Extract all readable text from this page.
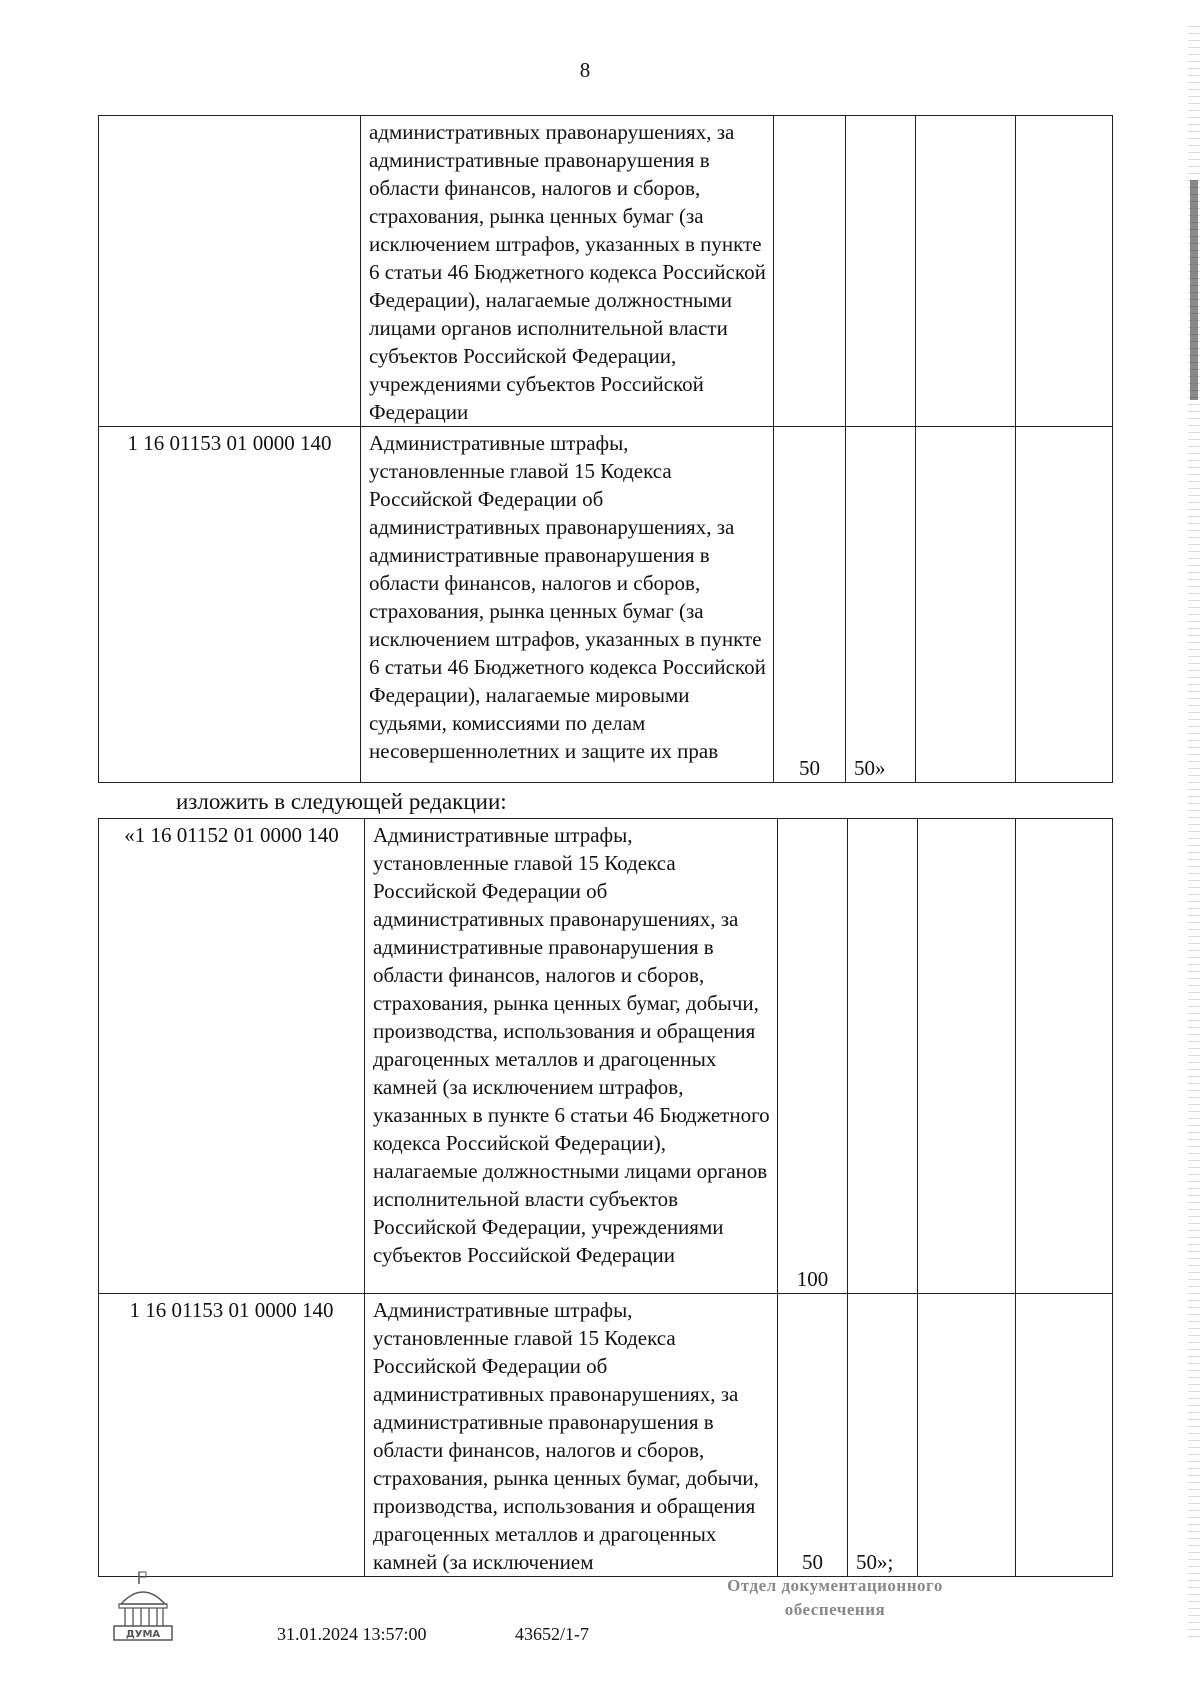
8
	административных правонарушениях, за административные правонарушения в области финансов, налогов и сборов, страхования, рынка ценных бумаг (за исключением штрафов, указанных в пункте 6 статьи 46 Бюджетного кодекса Российской Федерации), налагаемые должностными лицами органов исполнительной власти субъектов Российской Федерации, учреждениями субъектов Российской Федерации				
1 16 01153 01 0000 140	Административные штрафы, установленные главой 15 Кодекса Российской Федерации об административных правонарушениях, за административные правонарушения в области финансов, налогов и сборов, страхования, рынка ценных бумаг (за исключением штрафов, указанных в пункте 6 статьи 46 Бюджетного кодекса Российской Федерации), налагаемые мировыми судьями, комиссиями по делам несовершеннолетних и защите их прав	50	50»		
изложить в следующей редакции:
«1 16 01152 01 0000 140	Административные штрафы, установленные главой 15 Кодекса Российской Федерации об административных правонарушениях, за административные правонарушения в области финансов, налогов и сборов, страхования, рынка ценных бумаг, добычи, производства, использования и обращения драгоценных металлов и драгоценных камней (за исключением штрафов, указанных в пункте 6 статьи 46 Бюджетного кодекса Российской Федерации), налагаемые должностными лицами органов исполнительной власти субъектов Российской Федерации, учреждениями субъектов Российской Федерации	100			
1 16 01153 01 0000 140	Административные штрафы, установленные главой 15 Кодекса Российской Федерации об административных правонарушениях, за административные правонарушения в области финансов, налогов и сборов, страхования, рынка ценных бумаг, добычи, производства, использования и обращения драгоценных металлов и драгоценных камней (за исключением	50	50»;		
ДУМА	31.01.2024 13:57:00	43652/1-7
Отдел документационного
обеспечения
